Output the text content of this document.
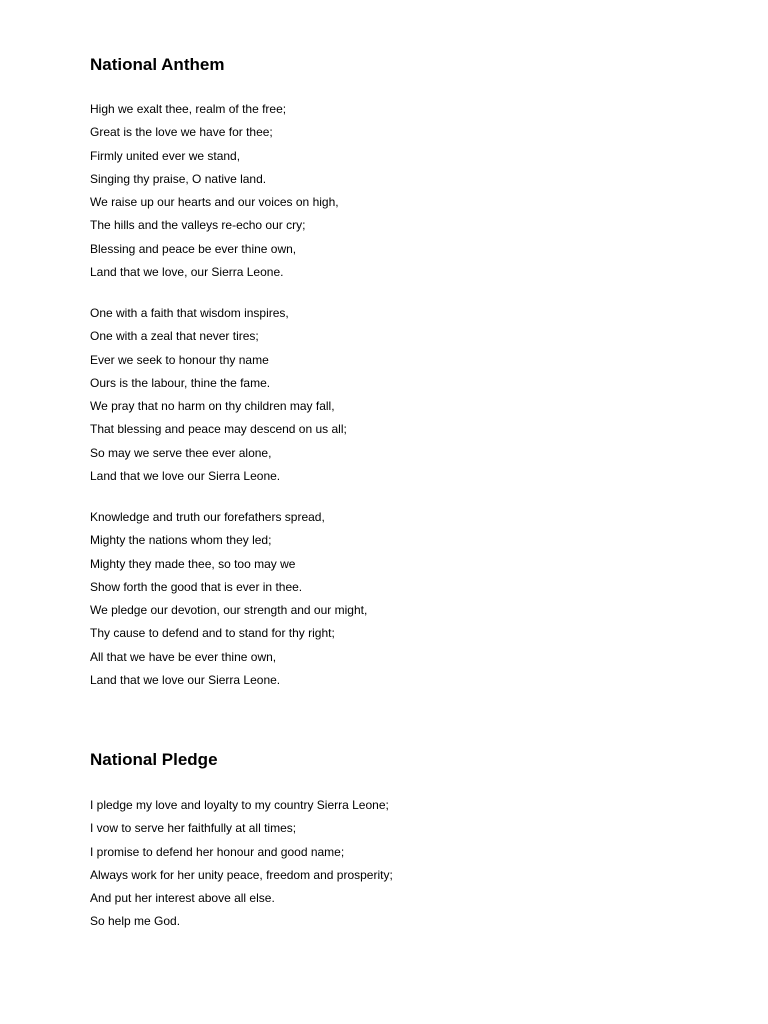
National Anthem
High we exalt thee, realm of the free;
Great is the love we have for thee;
Firmly united ever we stand,
Singing thy praise, O native land.
We raise up our hearts and our voices on high,
The hills and the valleys re-echo our cry;
Blessing and peace be ever thine own,
Land that we love, our Sierra Leone.
One with a faith that wisdom inspires,
One with a zeal that never tires;
Ever we seek to honour thy name
Ours is the labour, thine the fame.
We pray that no harm on thy children may fall,
That blessing and peace may descend on us all;
So may we serve thee ever alone,
Land that we love our Sierra Leone.
Knowledge and truth our forefathers spread,
Mighty the nations whom they led;
Mighty they made thee, so too may we
Show forth the good that is ever in thee.
We pledge our devotion, our strength and our might,
Thy cause to defend and to stand for thy right;
All that we have be ever thine own,
Land that we love our Sierra Leone.
National Pledge
I pledge my love and loyalty to my country Sierra Leone;
I vow to serve her faithfully at all times;
I promise to defend her honour and good name;
Always work for her unity peace, freedom and prosperity;
And put her interest above all else.
So help me God.
